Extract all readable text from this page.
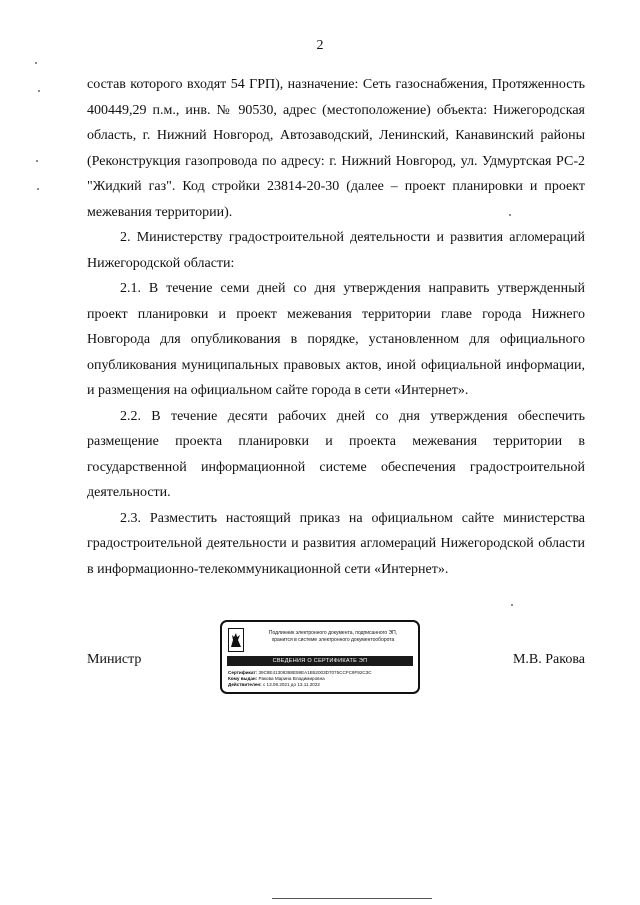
2

состав которого входят 54 ГРП), назначение: Сеть газоснабжения, Протяженность 400449,29 п.м., инв. № 90530, адрес (местоположение) объекта: Нижегородская область, г. Нижний Новгород, Автозаводский, Ленинский, Канавинский районы (Реконструкция газопровода по адресу: г. Нижний Новгород, ул. Удмуртская РС-2 "Жидкий газ". Код стройки 23814-20-30 (далее – проект планировки и проект межевания территории).

2. Министерству градостроительной деятельности и развития агломераций Нижегородской области:

2.1. В течение семи дней со дня утверждения направить утвержденный проект планировки и проект межевания территории главе города Нижнего Новгорода для опубликования в порядке, установленном для официального опубликования муниципальных правовых актов, иной официальной информации, и размещения на официальном сайте города в сети «Интернет».

2.2. В течение десяти рабочих дней со дня утверждения обеспечить размещение проекта планировки и проекта межевания территории в государственной информационной системе обеспечения градостроительной деятельности.

2.3. Разместить настоящий приказ на официальном сайте министерства градостроительной деятельности и развития агломераций Нижегородской области в информационно-телекоммуникационной сети «Интернет».

Министр
Подлинник электронного документа, подписанного ЭП,
хранится в системе электронного документооборота
СВЕДЕНИЯ О СЕРТИФИКАТЕ ЭП
Сертификат: 39C8E41308388E59EA1B52003D7075CCFC9F92C3C
Кому выдан: Ракова Марина Владимировна
Действителен: с 13.08.2021 до 13.11.2022
М.В. Ракова
